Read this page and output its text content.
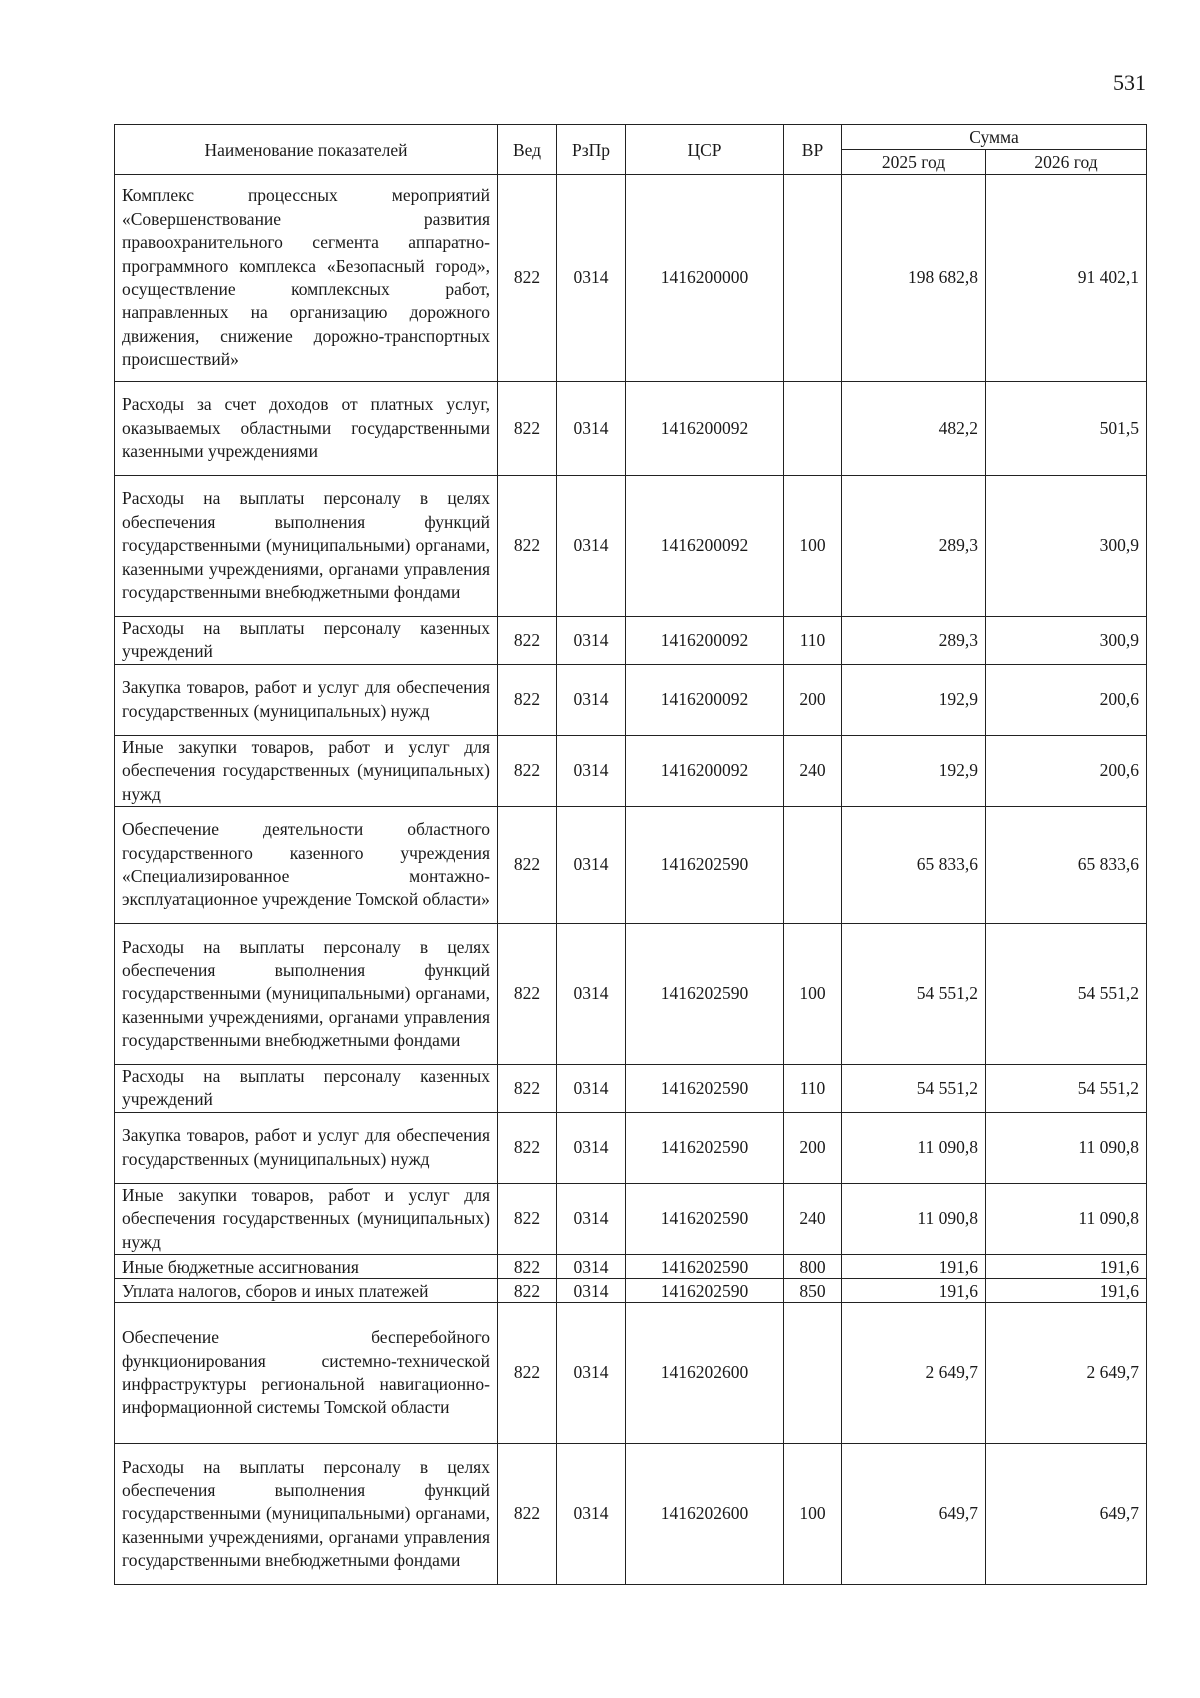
531
Наименование показателей	Вед	РзПр	ЦСР	ВР	Сумма	
					2025 год	2026 год
Комплекс процессных мероприятий «Совершенствование развития правоохранительного сегмента аппаратно-программного комплекса «Безопасный город», осуществление комплексных работ, направленных на организацию дорожного движения, снижение дорожно-транспортных происшествий»	822	0314	1416200000		198 682,8	91 402,1
Расходы за счет доходов от платных услуг, оказываемых областными государственными казенными учреждениями	822	0314	1416200092		482,2	501,5
Расходы на выплаты персоналу в целях обеспечения выполнения функций государственными (муниципальными) органами, казенными учреждениями, органами управления государственными внебюджетными фондами	822	0314	1416200092	100	289,3	300,9
Расходы на выплаты персоналу казенных учреждений	822	0314	1416200092	110	289,3	300,9
Закупка товаров, работ и услуг для обеспечения государственных (муниципальных) нужд	822	0314	1416200092	200	192,9	200,6
Иные закупки товаров, работ и услуг для обеспечения государственных (муниципальных) нужд	822	0314	1416200092	240	192,9	200,6
Обеспечение деятельности областного государственного казенного учреждения «Специализированное монтажно-эксплуатационное учреждение Томской области»	822	0314	1416202590		65 833,6	65 833,6
Расходы на выплаты персоналу в целях обеспечения выполнения функций государственными (муниципальными) органами, казенными учреждениями, органами управления государственными внебюджетными фондами	822	0314	1416202590	100	54 551,2	54 551,2
Расходы на выплаты персоналу казенных учреждений	822	0314	1416202590	110	54 551,2	54 551,2
Закупка товаров, работ и услуг для обеспечения государственных (муниципальных) нужд	822	0314	1416202590	200	11 090,8	11 090,8
Иные закупки товаров, работ и услуг для обеспечения государственных (муниципальных) нужд	822	0314	1416202590	240	11 090,8	11 090,8
Иные бюджетные ассигнования	822	0314	1416202590	800	191,6	191,6
Уплата налогов, сборов и иных платежей	822	0314	1416202590	850	191,6	191,6
Обеспечение бесперебойного функционирования системно-технической инфраструктуры региональной навигационно-информационной системы Томской области	822	0314	1416202600		2 649,7	2 649,7
Расходы на выплаты персоналу в целях обеспечения выполнения функций государственными (муниципальными) органами, казенными учреждениями, органами управления государственными внебюджетными фондами	822	0314	1416202600	100	649,7	649,7
